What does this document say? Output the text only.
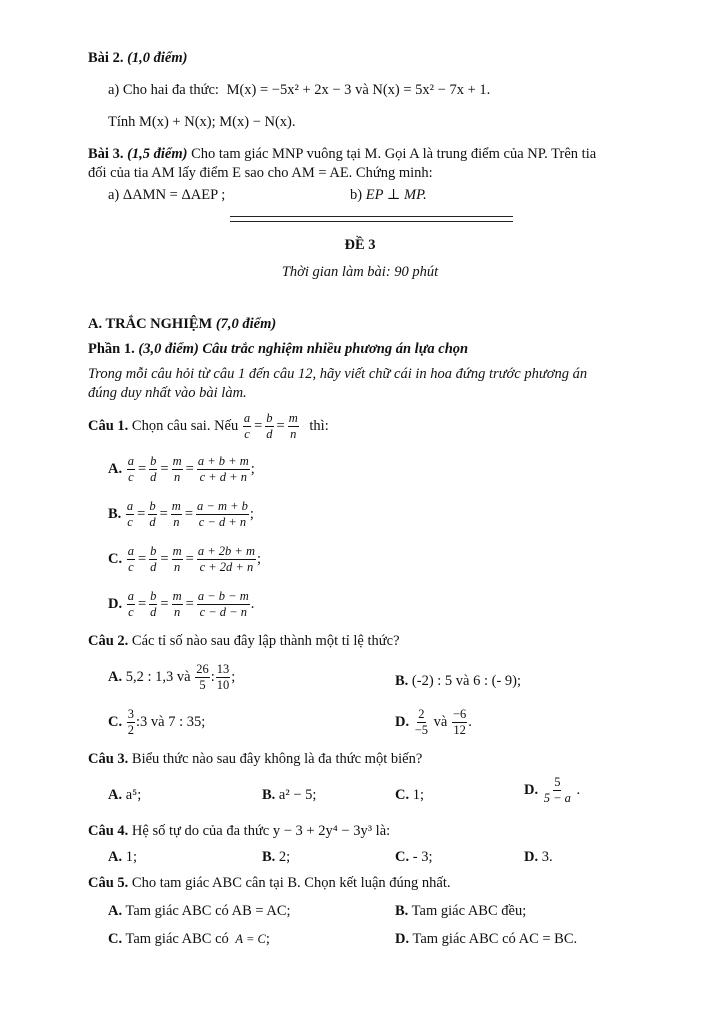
Bài 2. (1,0 điểm)
a) Cho hai đa thức: M(x) = −5x² + 2x − 3 và N(x) = 5x² − 7x + 1.
Tính M(x) + N(x); M(x) − N(x).
Bài 3. (1,5 điểm) Cho tam giác MNP vuông tại M. Gọi A là trung điểm của NP. Trên tia
đối của tia AM lấy điểm E sao cho AM = AE. Chứng minh:
a) ΔAMN = ΔAEP ;	b) EP ⊥ MP.
ĐỀ 3
Thời gian làm bài: 90 phút
A. TRẮC NGHIỆM (7,0 điểm)
Phần 1. (3,0 điểm) Câu trắc nghiệm nhiều phương án lựa chọn
Trong mỗi câu hỏi từ câu 1 đến câu 12, hãy viết chữ cái in hoa đứng trước phương án
đúng duy nhất vào bài làm.
Câu 1. Chọn câu sai. Nếu $\frac{a}{c} = \frac{b}{d} = \frac{m}{n}$ thì:
A. $\frac{a}{c} = \frac{b}{d} = \frac{m}{n} = \frac{a + b + m}{c + d + n}$ ;
B. $\frac{a}{c} = \frac{b}{d} = \frac{m}{n} = \frac{a - m + b}{c - d + n}$ ;
C. $\frac{a}{c} = \frac{b}{d} = \frac{m}{n} = \frac{a + 2b + m}{c + 2d + n}$ ;
D. $\frac{a}{c} = \frac{b}{d} = \frac{m}{n} = \frac{a - b - m}{c - d - n}$ .
Câu 2. Các tỉ số nào sau đây lập thành một tỉ lệ thức?
A. 5,2 : 1,3 và $\frac{26}{5}$ : $\frac{13}{10}$ ;	B. (-2) : 5 và 6 : (- 9);
C. $\frac{3}{2}$ :3 và 7 : 35;	D. $\frac{2}{-5}$ và $\frac{-6}{12}$ .
Câu 3. Biểu thức nào sau đây không là đa thức một biến?
A. a⁵;	B. a² − 5;	C. 1;	D. $\frac{5}{5 - a}$ .
Câu 4. Hệ số tự do của đa thức y − 3 + 2y⁴ − 3y³ là:
A. 1;	B. 2;	C. - 3;	D. 3.
Câu 5. Cho tam giác ABC cân tại B. Chọn kết luận đúng nhất.
A. Tam giác ABC có AB = AC;	B. Tam giác ABC đều;
C. Tam giác ABC có A = C;	D. Tam giác ABC có AC = BC.
